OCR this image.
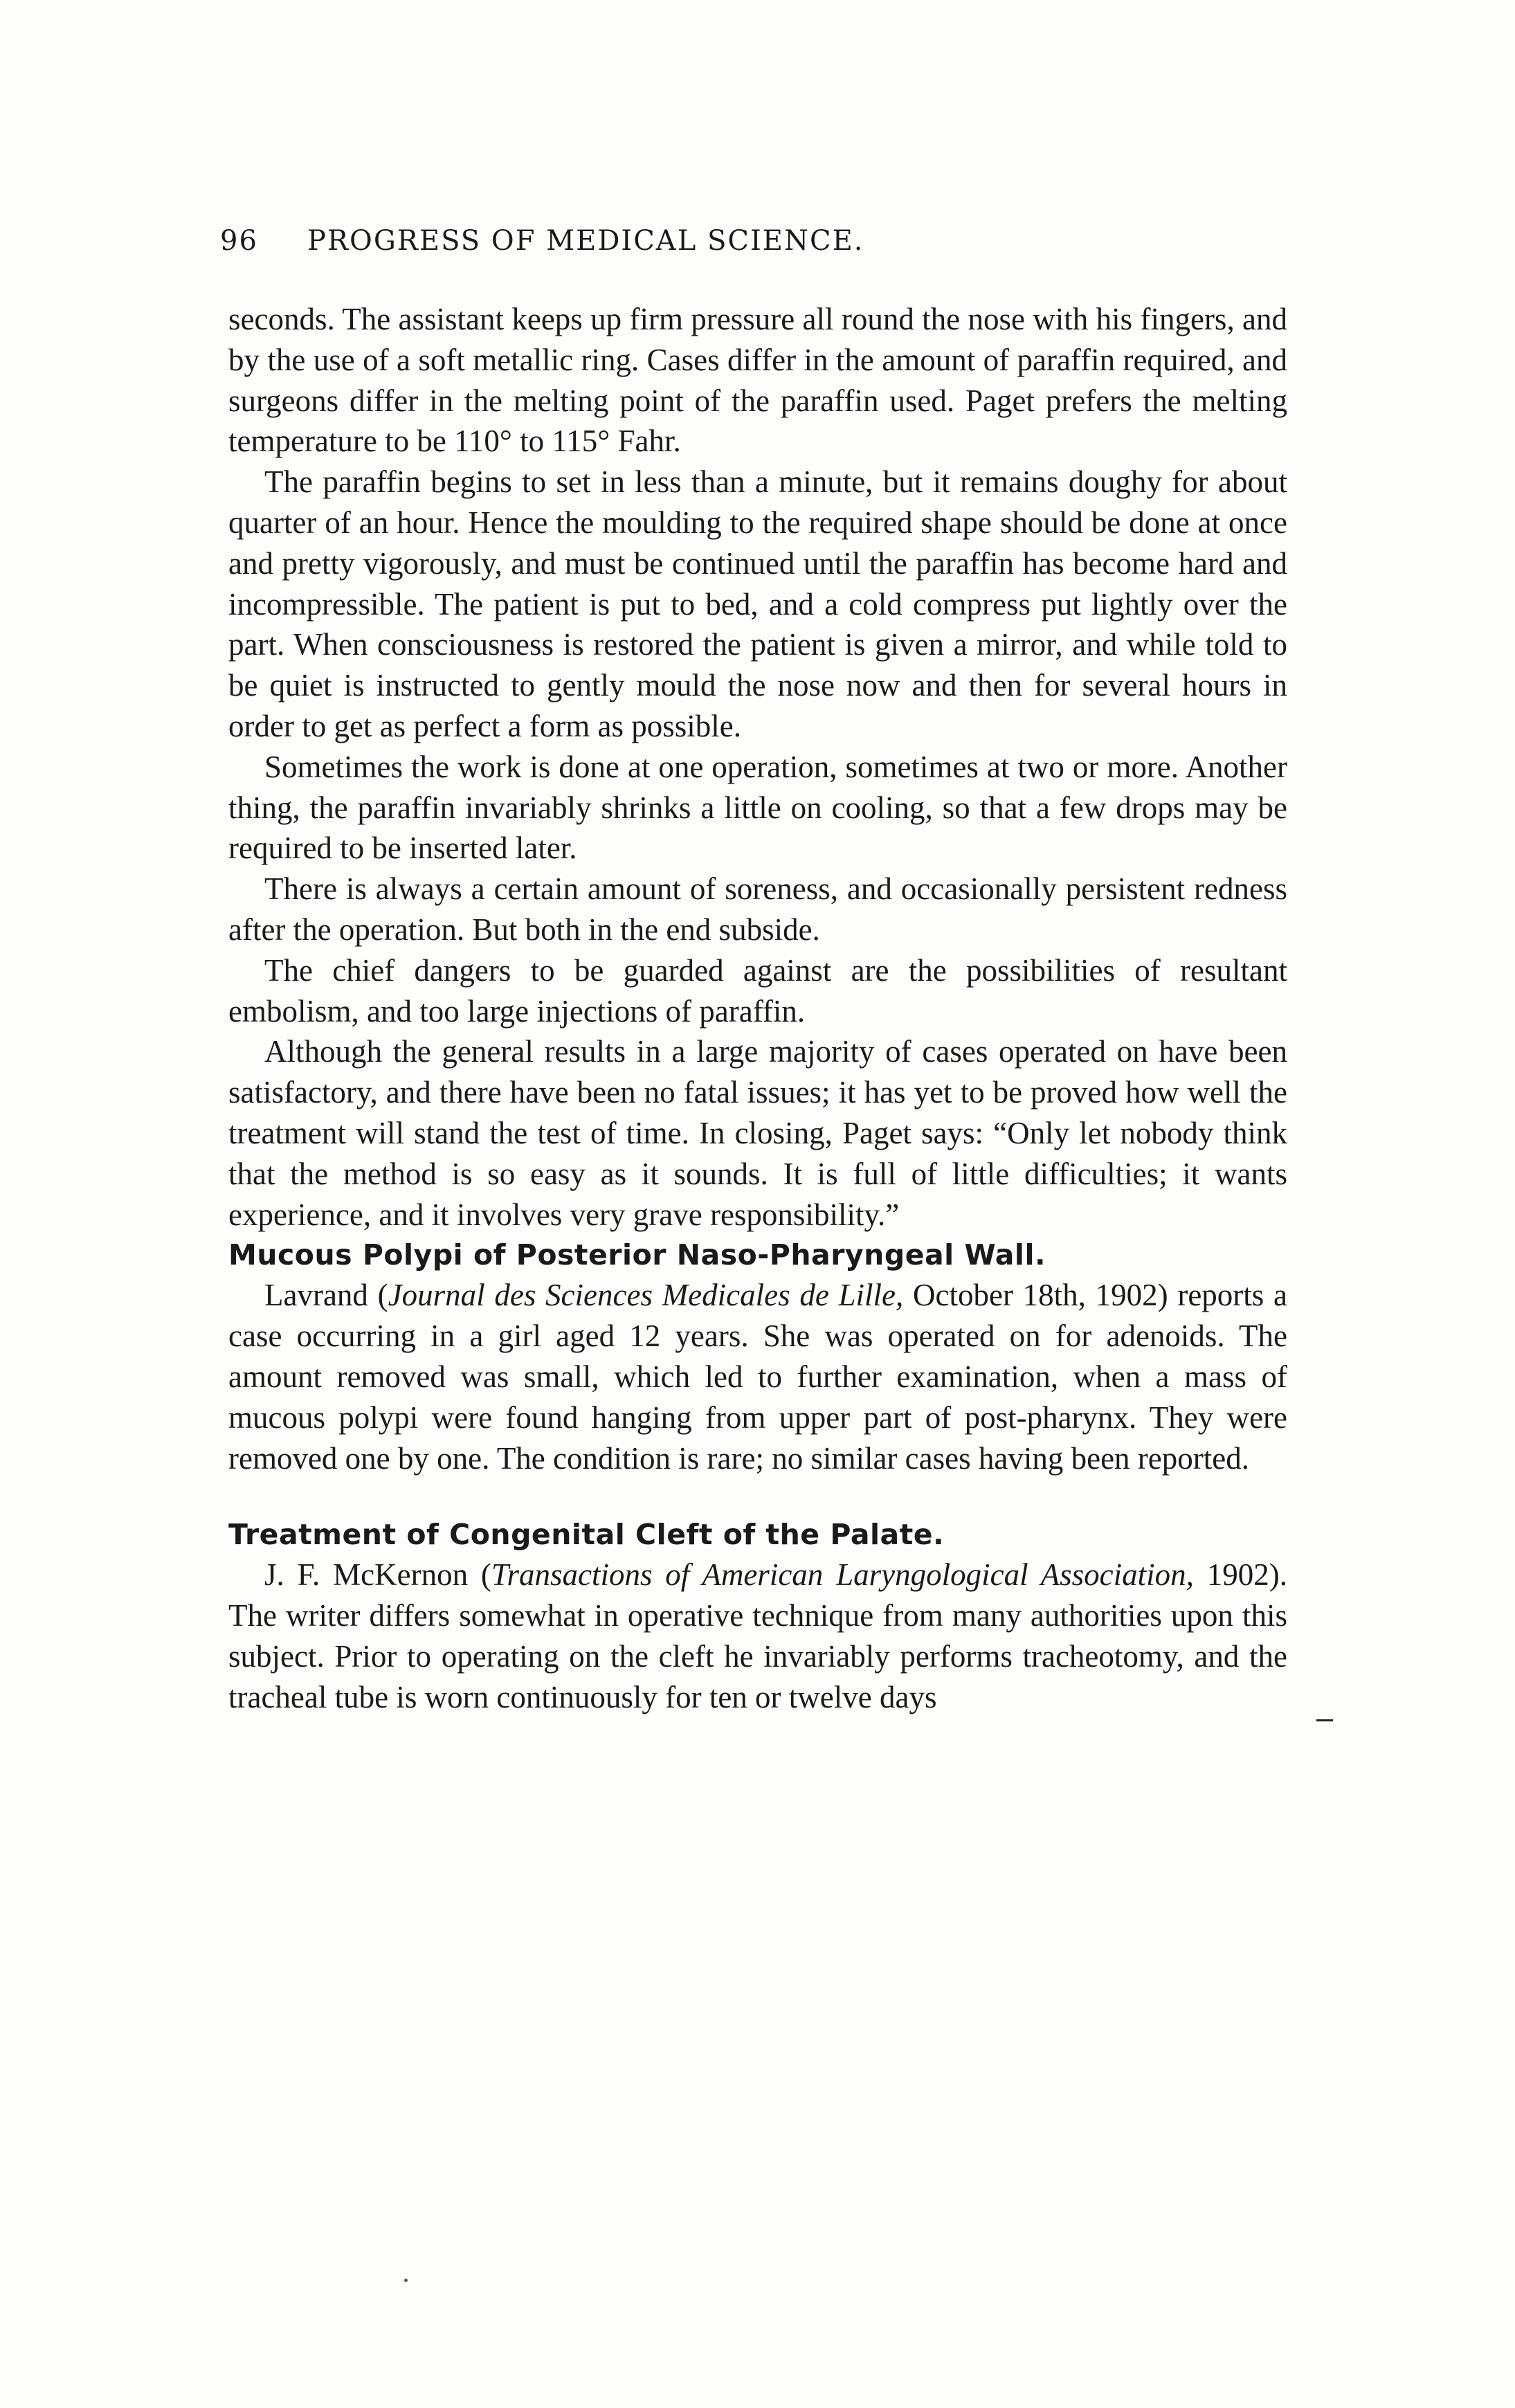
96 PROGRESS OF MEDICAL SCIENCE.

seconds. The assistant keeps up firm pressure all round the nose with his fingers, and by the use of a soft metallic ring. Cases differ in the amount of paraffin required, and surgeons differ in the melting point of the paraffin used. Paget prefers the melting temperature to be 110° to 115° Fahr.

The paraffin begins to set in less than a minute, but it remains doughy for about quarter of an hour. Hence the moulding to the required shape should be done at once and pretty vigorously, and must be continued until the paraffin has become hard and incompressible. The patient is put to bed, and a cold compress put lightly over the part. When consciousness is restored the patient is given a mirror, and while told to be quiet is instructed to gently mould the nose now and then for several hours in order to get as perfect a form as possible.

Sometimes the work is done at one operation, sometimes at two or more. Another thing, the paraffin invariably shrinks a little on cooling, so that a few drops may be required to be inserted later.

There is always a certain amount of soreness, and occasionally persistent redness after the operation. But both in the end subside.

The chief dangers to be guarded against are the possibilities of resultant embolism, and too large injections of paraffin.

Although the general results in a large majority of cases operated on have been satisfactory, and there have been no fatal issues; it has yet to be proved how well the treatment will stand the test of time. In closing, Paget says: “Only let nobody think that the method is so easy as it sounds. It is full of little difficulties; it wants experience, and it involves very grave responsibility.”

Mucous Polypi of Posterior Naso-Pharyngeal Wall.

Lavrand (Journal des Sciences Medicales de Lille, October 18th, 1902) reports a case occurring in a girl aged 12 years. She was operated on for adenoids. The amount removed was small, which led to further examination, when a mass of mucous polypi were found hanging from upper part of post-pharynx. They were removed one by one. The condition is rare; no similar cases having been reported.

Treatment of Congenital Cleft of the Palate.

J. F. McKernon (Transactions of American Laryngological Association, 1902). The writer differs somewhat in operative technique from many authorities upon this subject. Prior to operating on the cleft he invariably performs tracheotomy, and the tracheal tube is worn continuously for ten or twelve days
